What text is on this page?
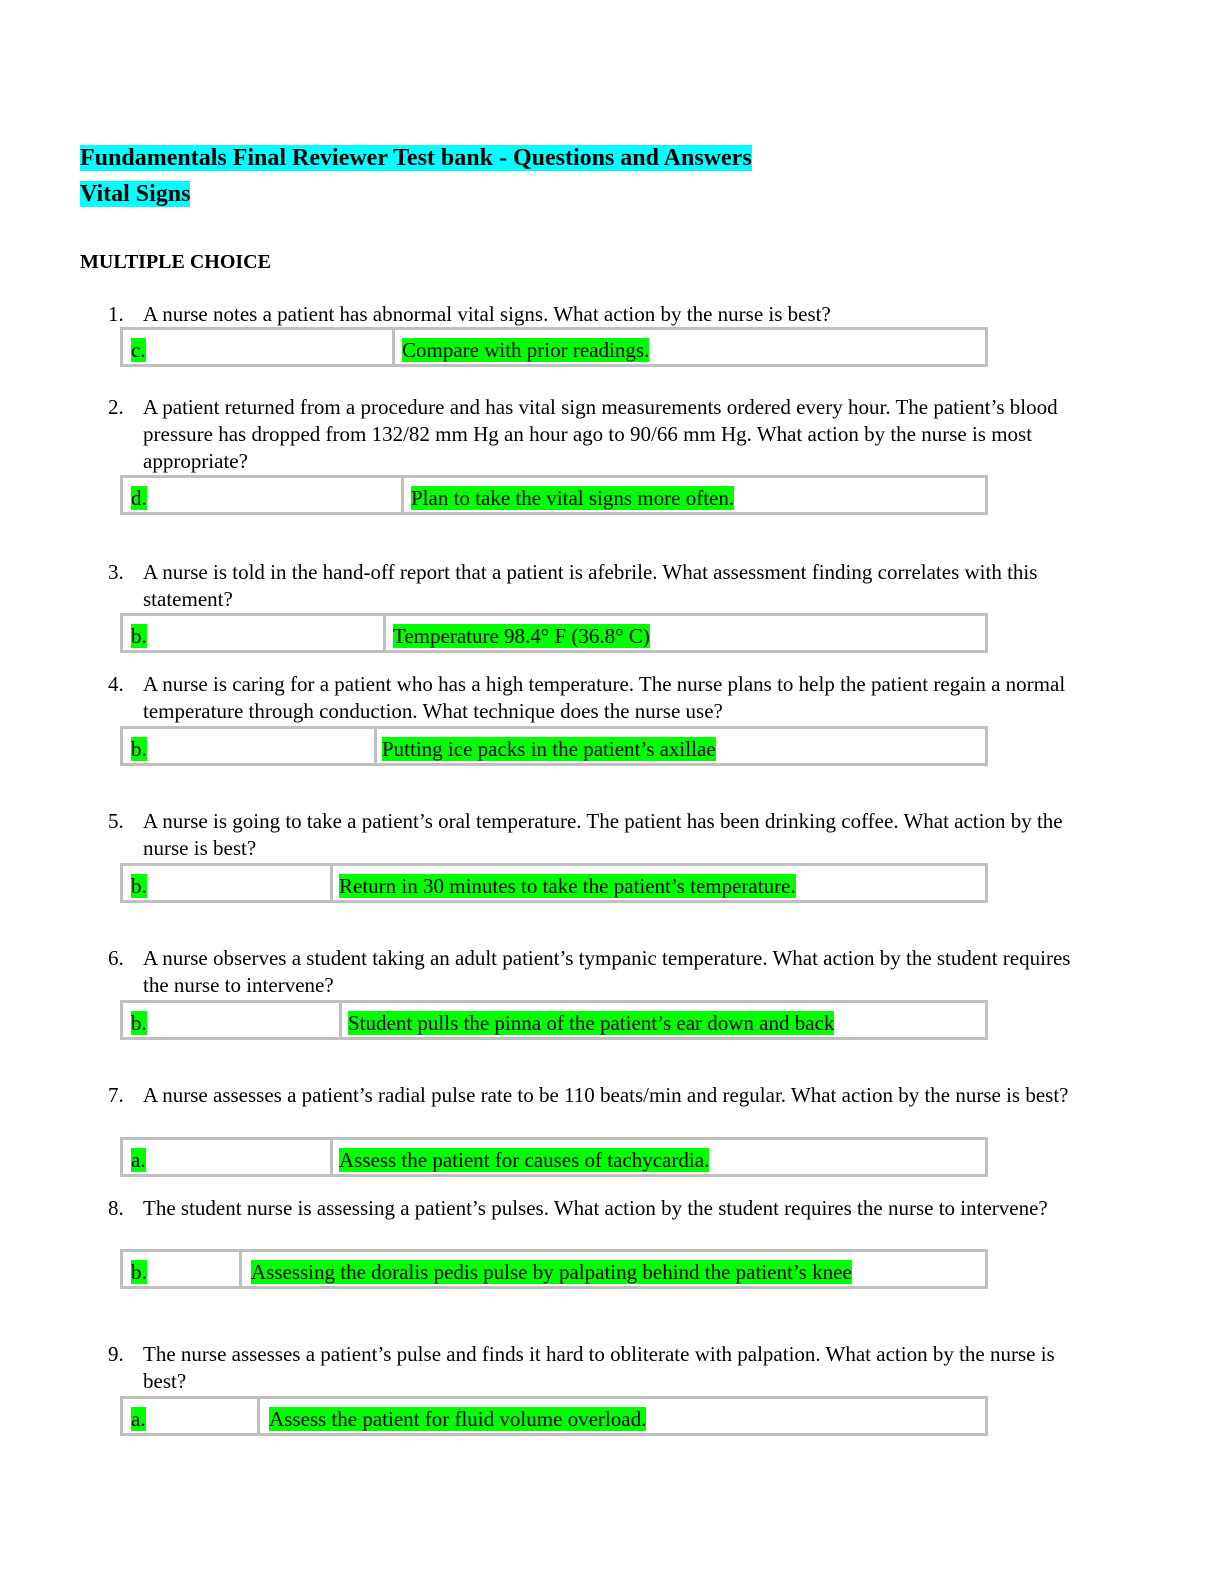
Fundamentals Final Reviewer Test bank - Questions and Answers
Vital Signs
MULTIPLE CHOICE
1. A nurse notes a patient has abnormal vital signs. What action by the nurse is best?
c.	Compare with prior readings.
2. A patient returned from a procedure and has vital sign measurements ordered every hour. The patient’s blood pressure has dropped from 132/82 mm Hg an hour ago to 90/66 mm Hg. What action by the nurse is most appropriate?
d.	Plan to take the vital signs more often.
3. A nurse is told in the hand-off report that a patient is afebrile. What assessment finding correlates with this statement?
b.	Temperature 98.4° F (36.8° C)
4. A nurse is caring for a patient who has a high temperature. The nurse plans to help the patient regain a normal temperature through conduction. What technique does the nurse use?
b.	Putting ice packs in the patient’s axillae
5. A nurse is going to take a patient’s oral temperature. The patient has been drinking coffee. What action by the nurse is best?
b.	Return in 30 minutes to take the patient’s temperature.
6. A nurse observes a student taking an adult patient’s tympanic temperature. What action by the student requires the nurse to intervene?
b.	Student pulls the pinna of the patient’s ear down and back
7. A nurse assesses a patient’s radial pulse rate to be 110 beats/min and regular. What action by the nurse is best?
a.	Assess the patient for causes of tachycardia.
8. The student nurse is assessing a patient’s pulses. What action by the student requires the nurse to intervene?
b.	Assessing the doralis pedis pulse by palpating behind the patient’s knee
9. The nurse assesses a patient’s pulse and finds it hard to obliterate with palpation. What action by the nurse is best?
a.	Assess the patient for fluid volume overload.
